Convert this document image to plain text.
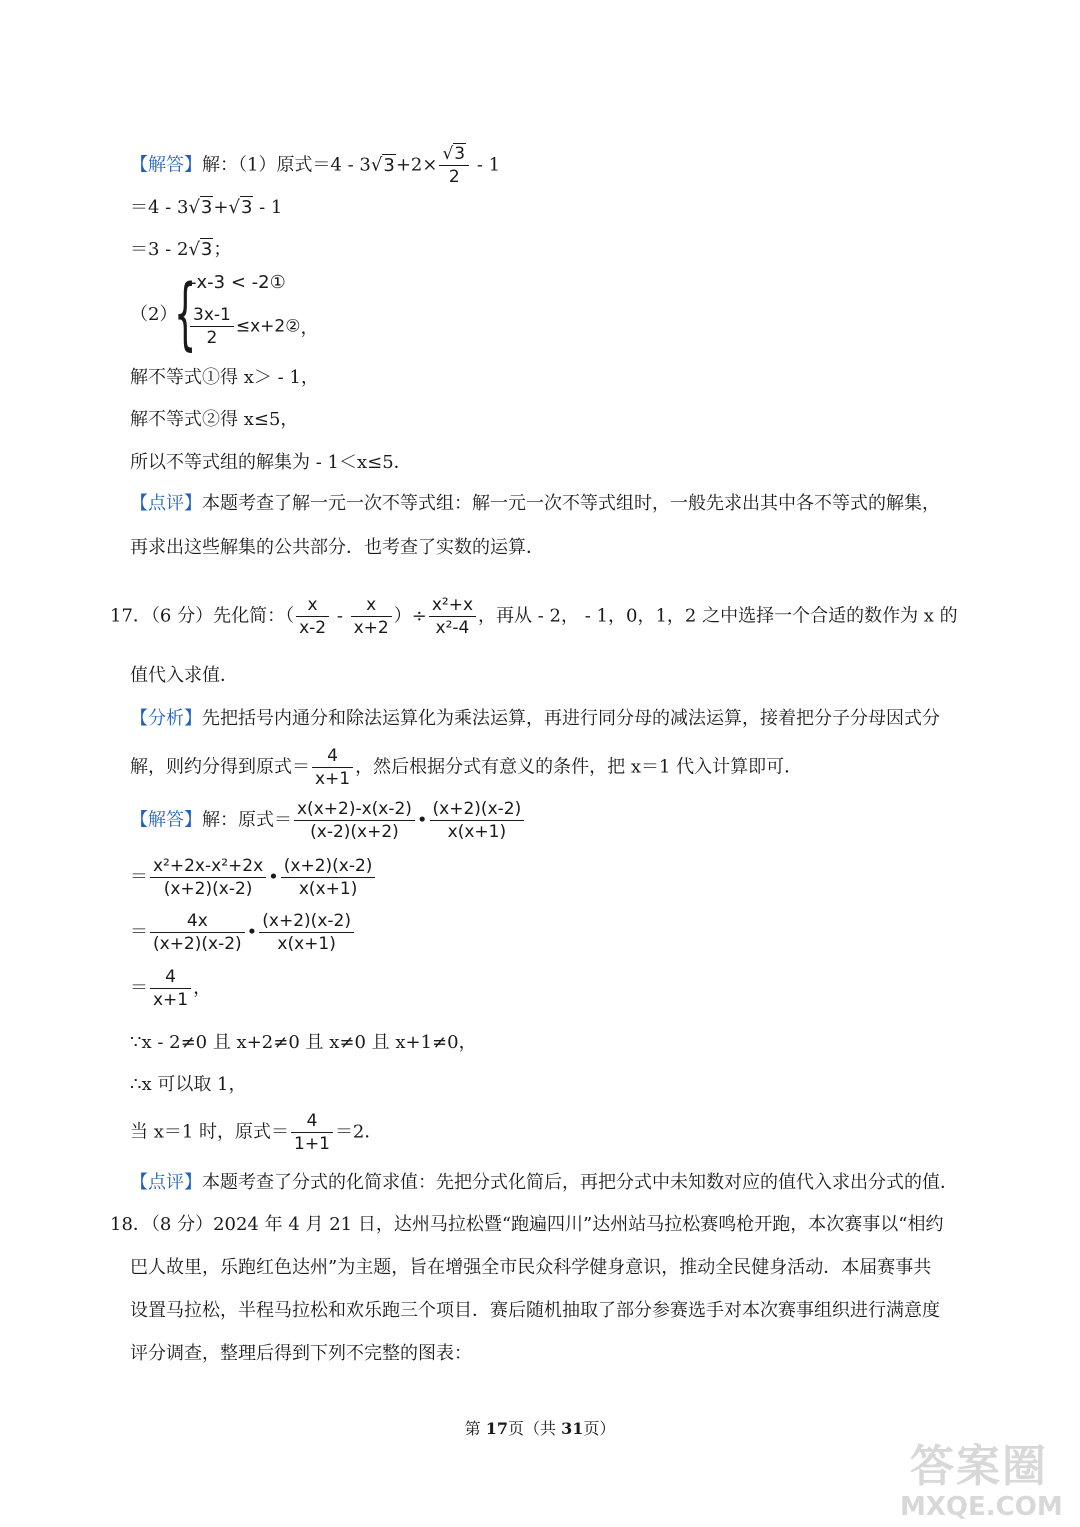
【解答】解：（1）原式$=4 - 3√3+2\times \frac{√3}{2} - 1$
＝4 - 3√3+√3 - 1
＝3 - 2√3；
（2）
{
-x-3 < -2①
$\frac{3x-1}{2}$ ≤x+2②，
解不等式①得 x＞ - 1，
解不等式②得 x≤5，
所以不等式组的解集为 - 1＜x≤5．
【点评】本题考查了解一元一次不等式组：解一元一次不等式组时，一般先求出其中各不等式的解集，
再求出这些解集的公共部分．也考查了实数的运算．
17．（6 分）先化简：（ $\frac{x}{x-2} - \frac{x}{x+2}$ ）÷ $\frac{\text{x²+x}}{\text{x²-4}}$ ，再从 - 2， - 1，0，1，2 之中选择一个合适的数作为 x 的
值代入求值．
【分析】先把括号内通分和除法运算化为乘法运算，再进行同分母的减法运算，接着把分子分母因式分
解，则约分得到原式＝ $\frac{4}{x+1}$ ，然后根据分式有意义的条件，把 x＝1 代入计算即可．
【解答】解：原式＝ $\frac{x(x+2)-x(x-2)}{(x-2)(x+2)}$ • $\frac{(x+2)(x-2)}{x(x+1)}$
＝ $\frac{\text{x²+2x-x²+2x}}{(x+2)(x-2)}$ • $\frac{(x+2)(x-2)}{x(x+1)}$
＝ $\frac{4x}{(x+2)(x-2)}$ • $\frac{(x+2)(x-2)}{x(x+1)}$
＝ $\frac{4}{x+1}$ ，
∵x - 2≠0 且 x+2≠0 且 x≠0 且 x+1≠0，
∴x 可以取 1，
当 x＝1 时，原式＝ $\frac{4}{1+1} =2$．
【点评】本题考查了分式的化简求值：先把分式化简后，再把分式中未知数对应的值代入求出分式的值．
18．（8 分）2024 年 4 月 21 日，达州马拉松暨“跑遍四川”达州站马拉松赛鸣枪开跑，本次赛事以“相约
巴人故里，乐跑红色达州”为主题，旨在增强全市民众科学健身意识，推动全民健身活动．本届赛事共
设置马拉松，半程马拉松和欢乐跑三个项目．赛后随机抽取了部分参赛选手对本次赛事组织进行满意度
评分调查，整理后得到下列不完整的图表：
第 17页（共 31页）
答案圈
MXQE.COM
